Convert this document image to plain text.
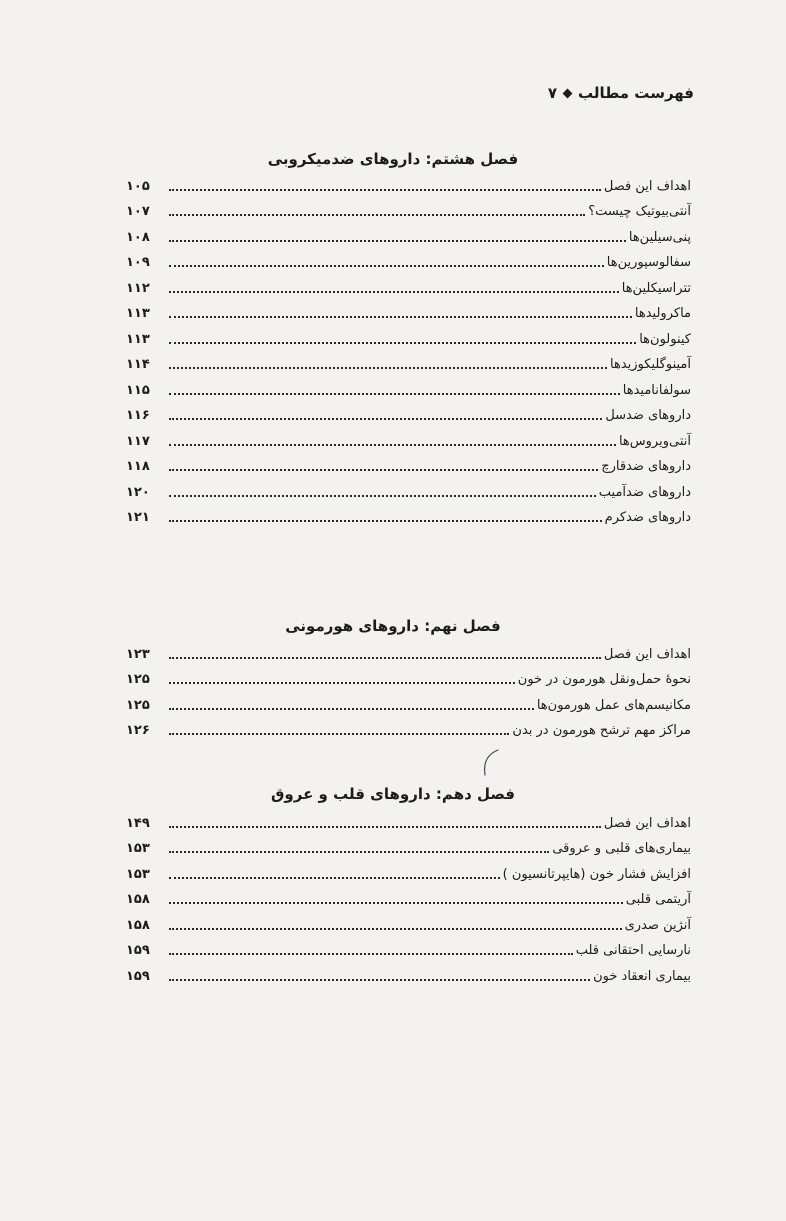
فهرست مطالب۷
فصل هشتم: داروهای ضدمیکروبی
اهداف این فصل
۱۰۵
آنتی‌بیوتیک چیست؟
۱۰۷
پنی‌سیلین‌ها
۱۰۸
سفالوسپورین‌ها
۱۰۹
تتراسیکلین‌ها
۱۱۲
ماکرولیدها
۱۱۳
کینولون‌ها
۱۱۳
آمینوگلیکوزیدها
۱۱۴
سولفانامیدها
۱۱۵
داروهای ضدسل
۱۱۶
آنتی‌ویروس‌ها
۱۱۷
داروهای ضدقارچ
۱۱۸
داروهای ضدآمیب
۱۲۰
داروهای ضدکرم
۱۲۱
فصل نهم: داروهای هورمونی
اهداف این فصل
۱۲۳
نحوهٔ حمل‌ونقل هورمون در خون
۱۲۵
مکانیسم‌های عمل هورمون‌ها
۱۲۵
مراکز مهم ترشح هورمون در بدن
۱۲۶
فصل دهم: داروهای قلب و عروق
اهداف این فصل
۱۴۹
بیماری‌های قلبی و عروقی
۱۵۳
افزایش فشار خون (هایپرتانسیون )
۱۵۳
آریتمی قلبی
۱۵۸
آنژین صدری
۱۵۸
نارسایی احتقانی قلب
۱۵۹
بیماری انعقاد خون
۱۵۹
